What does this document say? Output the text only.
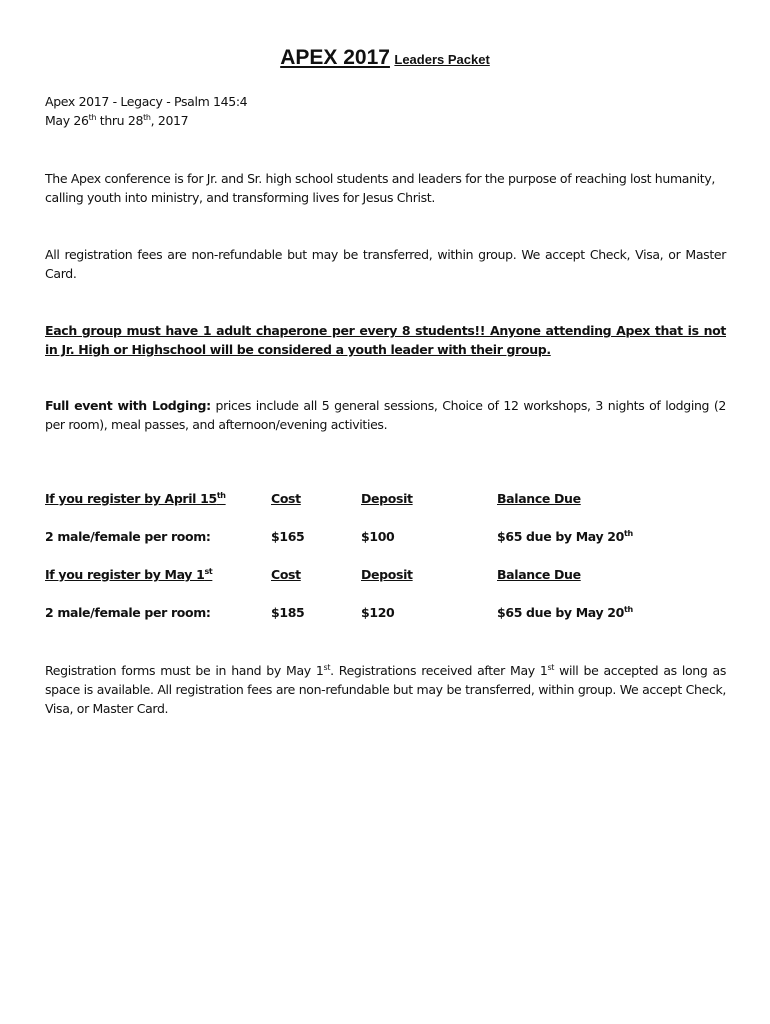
APEX 2017 Leaders Packet
Apex 2017 - Legacy - Psalm 145:4
May 26th thru 28th, 2017
The Apex conference is for Jr. and Sr. high school students and leaders for the purpose of reaching lost humanity, calling youth into ministry, and transforming lives for Jesus Christ.
All registration fees are non-refundable but may be transferred, within group. We accept Check, Visa, or Master Card.
Each group must have 1 adult chaperone per every 8 students!! Anyone attending Apex that is not in Jr. High or Highschool will be considered a youth leader with their group.
Full event with Lodging: prices include all 5 general sessions, Choice of 12 workshops, 3 nights of lodging (2 per room), meal passes, and afternoon/evening activities.
If you register by April 15th	Cost	Deposit	Balance Due
2 male/female per room:	$165	$100	$65 due by May 20th
If you register by May 1st	Cost	Deposit	Balance Due
2 male/female per room:	$185	$120	$65 due by May 20th
Registration forms must be in hand by May 1st. Registrations received after May 1st will be accepted as long as space is available. All registration fees are non-refundable but may be transferred, within group. We accept Check, Visa, or Master Card.
